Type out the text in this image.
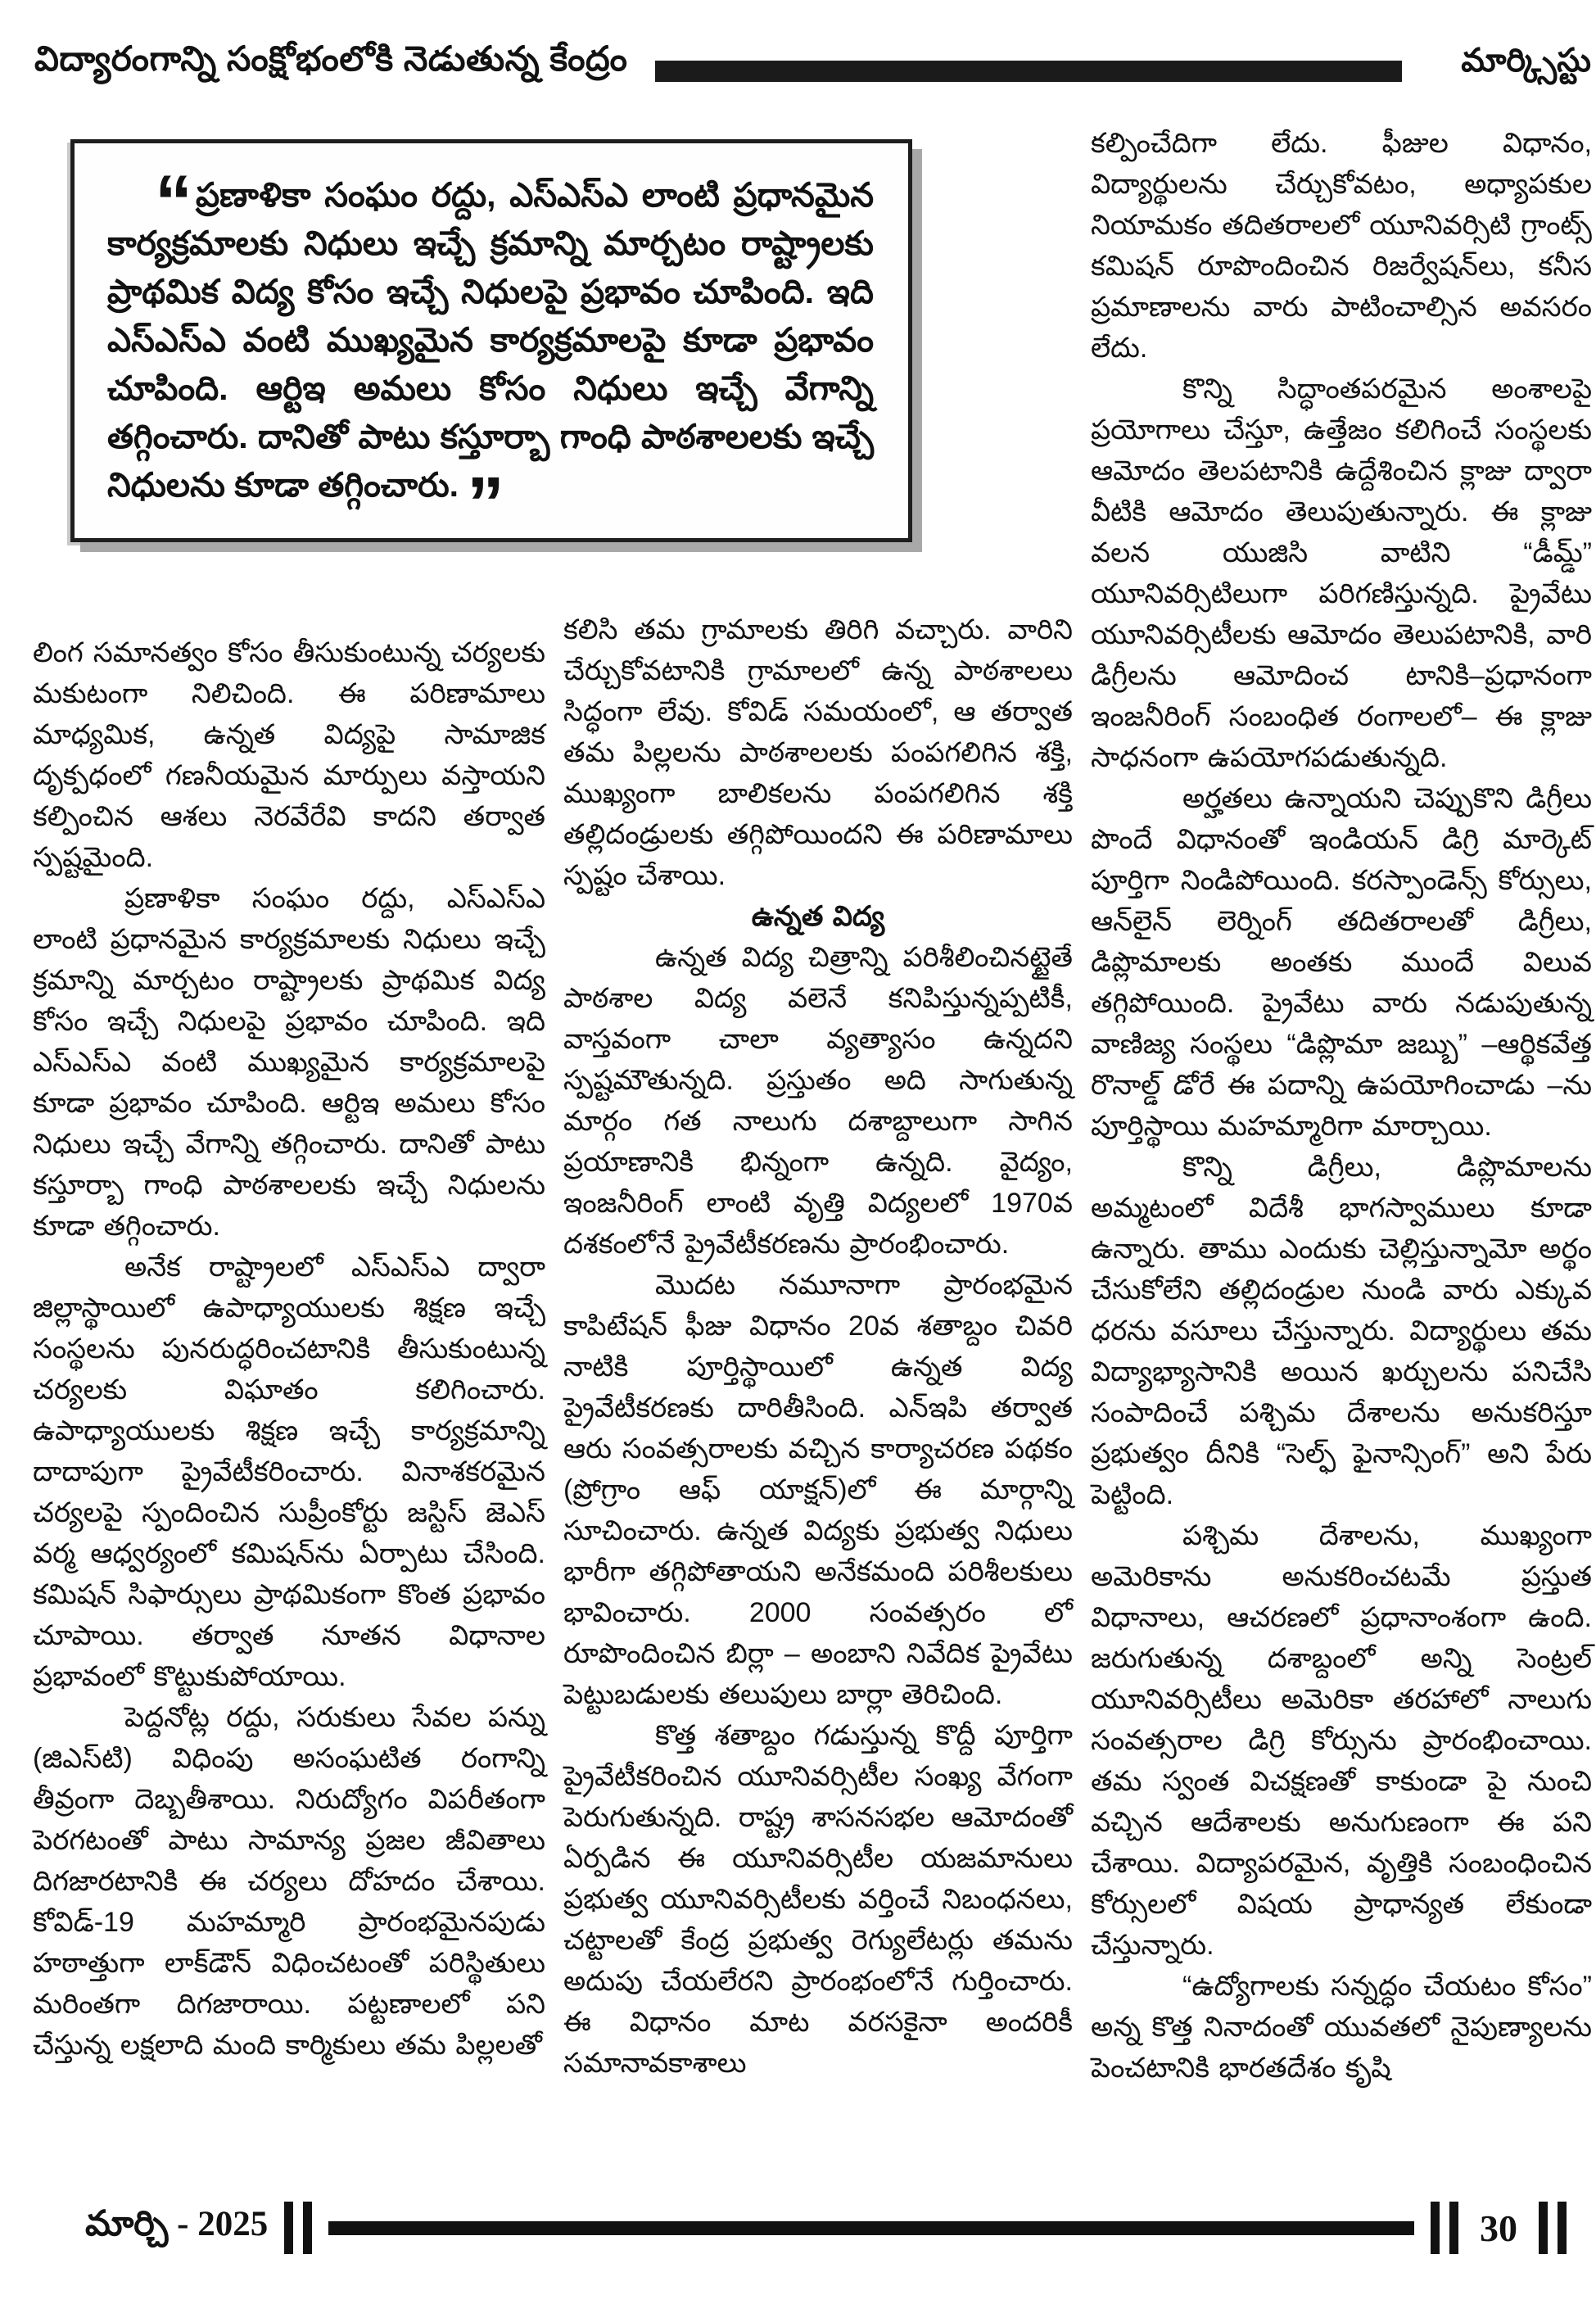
విద్యారంగాన్ని సంక్షోభంలోకి నెడుతున్న కేంద్రం	మార్క్సిస్టు

“ ప్రణాళికా సంఘం రద్దు, ఎస్ఎస్ఎ లాంటి ప్రధానమైన కార్యక్రమాలకు నిధులు ఇచ్చే క్రమాన్ని మార్చటం రాష్ట్రాలకు ప్రాథమిక విద్య కోసం ఇచ్చే నిధులపై ప్రభావం చూపింది. ఇది ఎస్ఎస్ఎ వంటి ముఖ్యమైన కార్యక్రమాలపై కూడా ప్రభావం చూపింది. ఆర్టిఇ అమలు కోసం నిధులు ఇచ్చే వేగాన్ని తగ్గించారు. దానితో పాటు కస్తూర్బా గాంధి పాఠశాలలకు ఇచ్చే నిధులను కూడా తగ్గించారు. ”

లింగ సమానత్వం కోసం తీసుకుంటున్న చర్యలకు మకుటంగా నిలిచింది. ఈ పరిణామాలు మాధ్యమిక, ఉన్నత విద్యపై సామాజిక దృక్పధంలో గణనీయమైన మార్పులు వస్తాయని కల్పించిన ఆశలు నెరవేరేవి కాదని తర్వాత స్పష్టమైంది.

ప్రణాళికా సంఘం రద్దు, ఎస్ఎస్ఎ లాంటి ప్రధానమైన కార్యక్రమాలకు నిధులు ఇచ్చే క్రమాన్ని మార్చటం రాష్ట్రాలకు ప్రాథమిక విద్య కోసం ఇచ్చే నిధులపై ప్రభావం చూపింది. ఇది ఎస్ఎస్ఎ వంటి ముఖ్యమైన కార్యక్రమాలపై కూడా ప్రభావం చూపింది. ఆర్టిఇ అమలు కోసం నిధులు ఇచ్చే వేగాన్ని తగ్గించారు. దానితో పాటు కస్తూర్బా గాంధి పాఠశాలలకు ఇచ్చే నిధులను కూడా తగ్గించారు.

అనేక రాష్ట్రాలలో ఎస్ఎస్ఎ ద్వారా జిల్లాస్థాయిలో ఉపాధ్యాయులకు శిక్షణ ఇచ్చే సంస్థలను పునరుద్ధరించటానికి తీసుకుంటున్న చర్యలకు విఘాతం కలిగించారు. ఉపాధ్యాయులకు శిక్షణ ఇచ్చే కార్యక్రమాన్ని దాదాపుగా ప్రైవేటీకరించారు. వినాశకరమైన చర్యలపై స్పందించిన సుప్రీంకోర్టు జస్టిస్ జెఎస్ వర్మ ఆధ్వర్యంలో కమిషన్‌ను ఏర్పాటు చేసింది. కమిషన్ సిఫార్సులు ప్రాథమికంగా కొంత ప్రభావం చూపాయి. తర్వాత నూతన విధానాల ప్రభావంలో కొట్టుకుపోయాయి.

పెద్దనోట్ల రద్దు, సరుకులు సేవల పన్ను (జిఎస్‌టి) విధింపు అసంఘటిత రంగాన్ని తీవ్రంగా దెబ్బతీశాయి. నిరుద్యోగం విపరీతంగా పెరగటంతో పాటు సామాన్య ప్రజల జీవితాలు దిగజారటానికి ఈ చర్యలు దోహదం చేశాయి. కోవిడ్-19 మహమ్మారి ప్రారంభమైనపుడు హఠాత్తుగా లాక్‌డౌన్ విధించటంతో పరిస్థితులు మరింతగా దిగజారాయి. పట్టణాలలో పని చేస్తున్న లక్షలాది మంది కార్మికులు తమ పిల్లలతో

కలిసి తమ గ్రామాలకు తిరిగి వచ్చారు. వారిని చేర్చుకోవటానికి గ్రామాలలో ఉన్న పాఠశాలలు సిద్ధంగా లేవు. కోవిడ్ సమయంలో, ఆ తర్వాత తమ పిల్లలను పాఠశాలలకు పంపగలిగిన శక్తి, ముఖ్యంగా బాలికలను పంపగలిగిన శక్తి తల్లిదండ్రులకు తగ్గిపోయిందని ఈ పరిణామాలు స్పష్టం చేశాయి.

ఉన్నత విద్య

ఉన్నత విద్య చిత్రాన్ని పరిశీలించినట్టైతే పాఠశాల విద్య వలెనే కనిపిస్తున్నప్పటికీ, వాస్తవంగా చాలా వ్యత్యాసం ఉన్నదని స్పష్టమౌతున్నది. ప్రస్తుతం అది సాగుతున్న మార్గం గత నాలుగు దశాబ్దాలుగా సాగిన ప్రయాణానికి భిన్నంగా ఉన్నది. వైద్యం, ఇంజనీరింగ్ లాంటి వృత్తి విద్యలలో 1970వ దశకంలోనే ప్రైవేటీకరణను ప్రారంభించారు.

మొదట నమూనాగా ప్రారంభమైన కాపిటేషన్ ఫీజు విధానం 20వ శతాబ్దం చివరి నాటికి పూర్తిస్థాయిలో ఉన్నత విద్య ప్రైవేటీకరణకు దారితీసింది. ఎన్‌ఇపి తర్వాత ఆరు సంవత్సరాలకు వచ్చిన కార్యాచరణ పథకం (ప్రోగ్రాం ఆఫ్ యాక్షన్)లో ఈ మార్గాన్ని సూచించారు. ఉన్నత విద్యకు ప్రభుత్వ నిధులు భారీగా తగ్గిపోతాయని అనేకమంది పరిశీలకులు భావించారు. 2000 సంవత్సరం లో రూపొందించిన బిర్లా – అంబాని నివేదిక ప్రైవేటు పెట్టుబడులకు తలుపులు బార్లా తెరిచింది.

కొత్త శతాబ్దం గడుస్తున్న కొద్దీ పూర్తిగా ప్రైవేటీకరించిన యూనివర్సిటీల సంఖ్య వేగంగా పెరుగుతున్నది. రాష్ట్ర శాసనసభల ఆమోదంతో ఏర్పడిన ఈ యూనివర్సిటీల యజమానులు ప్రభుత్వ యూనివర్సిటీలకు వర్తించే నిబంధనలు, చట్టాలతో కేంద్ర ప్రభుత్వ రెగ్యులేటర్లు తమను అదుపు చేయలేరని ప్రారంభంలోనే గుర్తించారు. ఈ విధానం మాట వరసకైనా అందరికీ సమానావకాశాలు

కల్పించేదిగా లేదు. ఫీజుల విధానం, విద్యార్థులను చేర్చుకోవటం, అధ్యాపకుల నియామకం తదితరాలలో యూనివర్సిటి గ్రాంట్స్ కమిషన్ రూపొందించిన రిజర్వేషన్‌లు, కనీస ప్రమాణాలను వారు పాటించాల్సిన అవసరం లేదు.

కొన్ని సిద్ధాంతపరమైన అంశాలపై ప్రయోగాలు చేస్తూ, ఉత్తేజం కలిగించే సంస్థలకు ఆమోదం తెలపటానికి ఉద్దేశించిన క్లాజు ద్వారా వీటికి ఆమోదం తెలుపుతున్నారు. ఈ క్లాజు వలన యుజిసి వాటిని “డీమ్డ్” యూనివర్సిటిలుగా పరిగణిస్తున్నది. ప్రైవేటు యూనివర్సిటీలకు ఆమోదం తెలుపటానికి, వారి డిగ్రీలను ఆమోదించ టానికి–ప్రధానంగా ఇంజనీరింగ్ సంబంధిత రంగాలలో– ఈ క్లాజు సాధనంగా ఉపయోగపడుతున్నది.

అర్హతలు ఉన్నాయని చెప్పుకొని డిగ్రీలు పొందే విధానంతో ఇండియన్ డిగ్రి మార్కెట్ పూర్తిగా నిండిపోయింది. కరస్పాండెన్స్ కోర్సులు, ఆన్‌లైన్ లెర్నింగ్ తదితరాలతో డిగ్రీలు, డిప్లొమాలకు అంతకు ముందే విలువ తగ్గిపోయింది. ప్రైవేటు వారు నడుపుతున్న వాణిజ్య సంస్థలు “డిప్లొమా జబ్బు” –ఆర్థికవేత్త రొనాల్డ్ డోరే ఈ పదాన్ని ఉపయోగించాడు –ను పూర్తిస్థాయి మహమ్మారిగా మార్చాయి.

కొన్ని డిగ్రీలు, డిప్లొమాలను అమ్మటంలో విదేశీ భాగస్వాములు కూడా ఉన్నారు. తాము ఎందుకు చెల్లిస్తున్నామో అర్థం చేసుకోలేని తల్లిదండ్రుల నుండి వారు ఎక్కువ ధరను వసూలు చేస్తున్నారు. విద్యార్థులు తమ విద్యాభ్యాసానికి అయిన ఖర్చులను పనిచేసి సంపాదించే పశ్చిమ దేశాలను అనుకరిస్తూ ప్రభుత్వం దీనికి “సెల్ఫ్ ఫైనాన్సింగ్” అని పేరు పెట్టింది.

పశ్చిమ దేశాలను, ముఖ్యంగా అమెరికాను అనుకరించటమే ప్రస్తుత విధానాలు, ఆచరణలో ప్రధానాంశంగా ఉంది. జరుగుతున్న దశాబ్దంలో అన్ని సెంట్రల్ యూనివర్సిటీలు అమెరికా తరహాలో నాలుగు సంవత్సరాల డిగ్రి కోర్సును ప్రారంభించాయి. తమ స్వంత విచక్షణతో కాకుండా పై నుంచి వచ్చిన ఆదేశాలకు అనుగుణంగా ఈ పని చేశాయి. విద్యాపరమైన, వృత్తికి సంబంధించిన కోర్సులలో విషయ ప్రాధాన్యత లేకుండా చేస్తున్నారు.

“ఉద్యోగాలకు సన్నద్ధం చేయటం కోసం” అన్న కొత్త నినాదంతో యువతలో నైపుణ్యాలను పెంచటానికి భారతదేశం కృషి

మార్చి - 2025	30
